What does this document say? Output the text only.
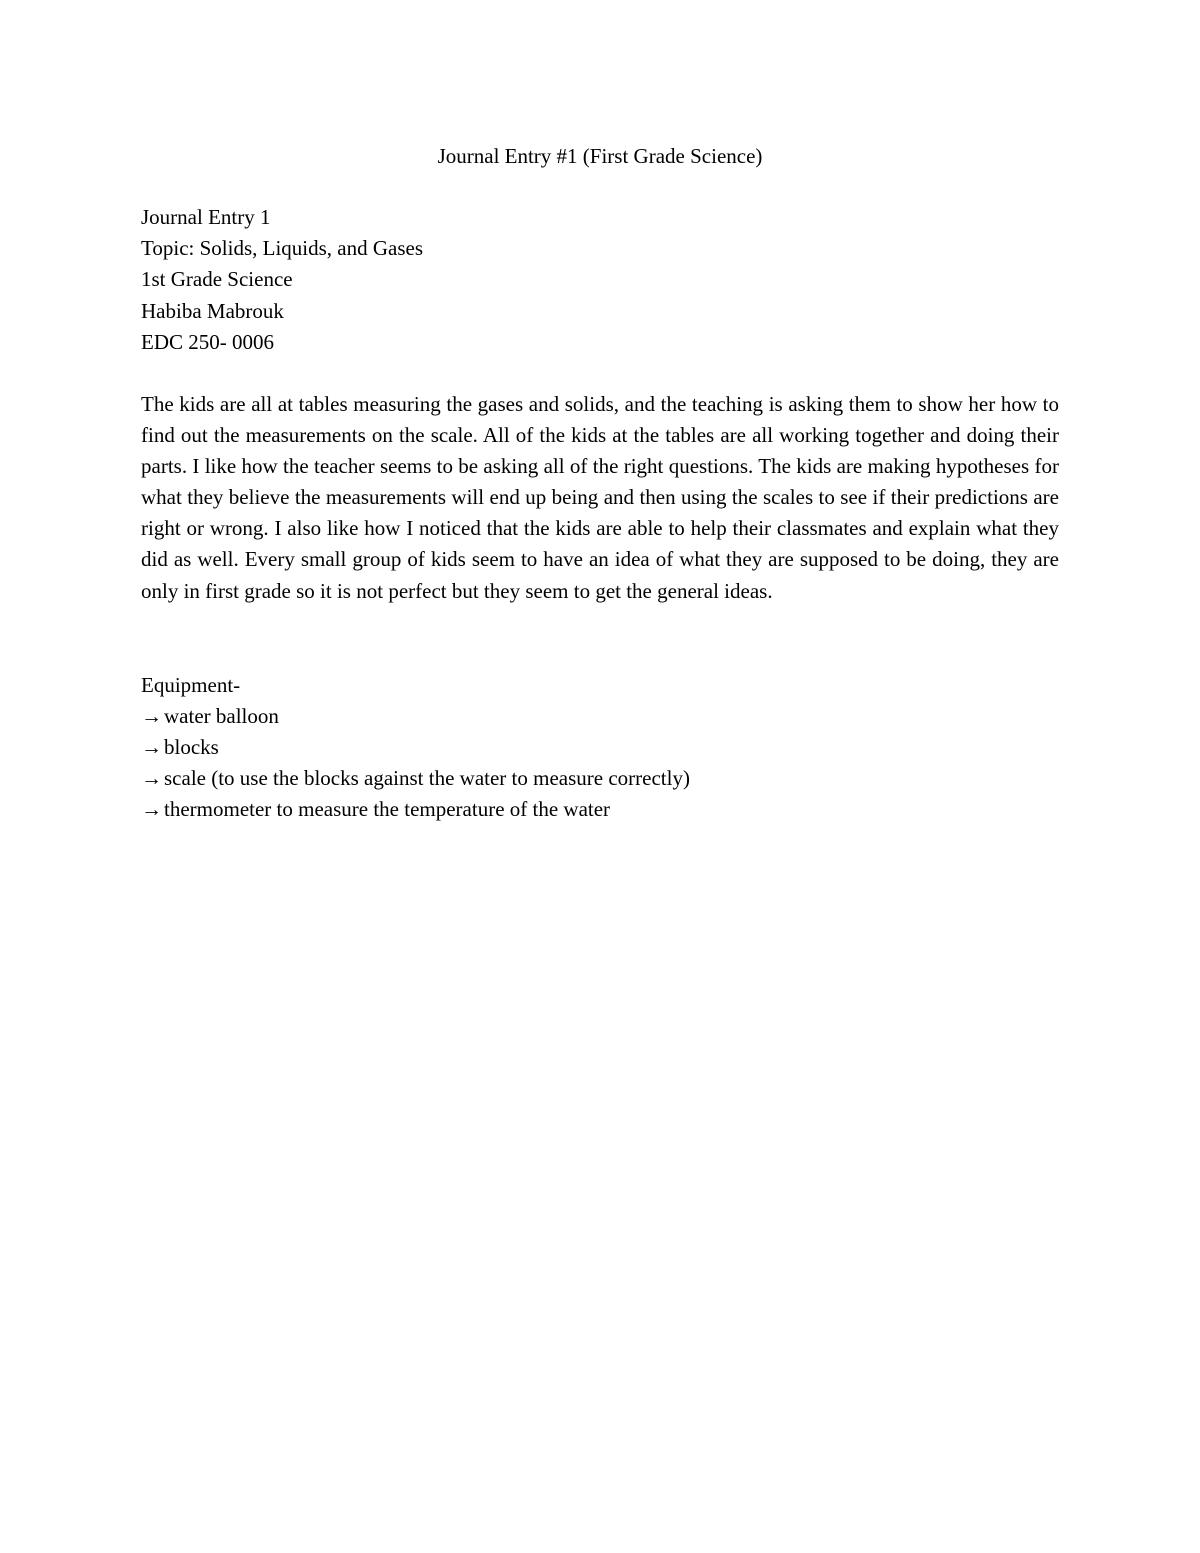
Journal Entry #1 (First Grade Science)
Journal Entry 1
Topic: Solids, Liquids, and Gases
1st Grade Science
Habiba Mabrouk
EDC 250- 0006

The kids are all at tables measuring the gases and solids, and the teaching is asking them to show her how to find out the measurements on the scale. All of the kids at the tables are all working together and doing their parts. I like how the teacher seems to be asking all of the right questions. The kids are making hypotheses for what they believe the measurements will end up being and then using the scales to see if their predictions are right or wrong. I also like how I noticed that the kids are able to help their classmates and explain what they did as well. Every small group of kids seem to have an idea of what they are supposed to be doing, they are only in first grade so it is not perfect but they seem to get the general ideas.

Equipment-
→water balloon
→blocks
→scale (to use the blocks against the water to measure correctly)
→thermometer to measure the temperature of the water
